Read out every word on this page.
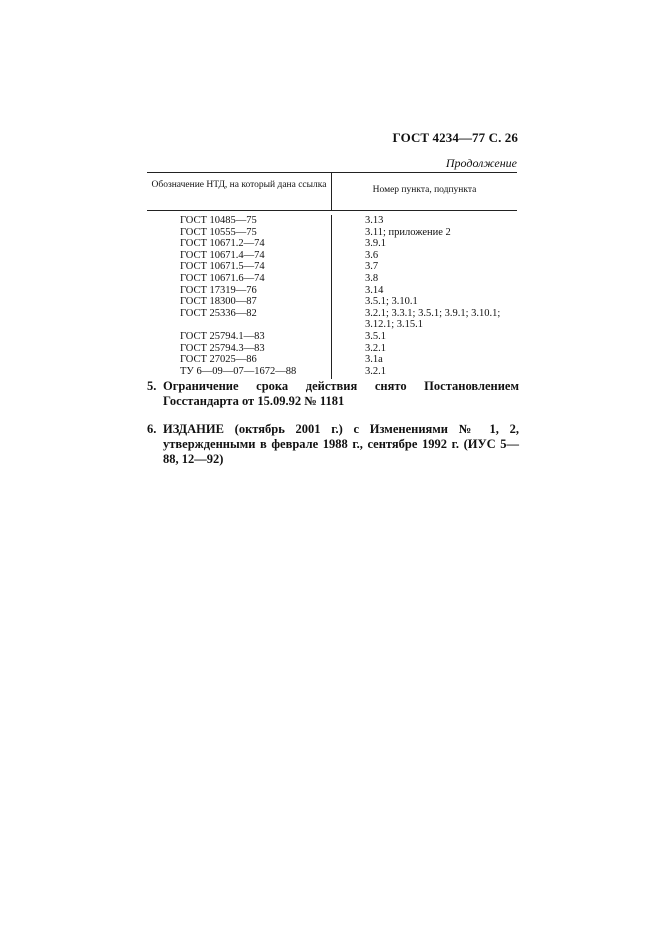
ГОСТ 4234—77 С. 26
Продолжение
Обозначение НТД, на который дана ссылка	Номер пункта, подпункта
ГОСТ 10485—75
ГОСТ 10555—75
ГОСТ 10671.2—74
ГОСТ 10671.4—74
ГОСТ 10671.5—74
ГОСТ 10671.6—74
ГОСТ 17319—76
ГОСТ 18300—87
ГОСТ 25336—82
ГОСТ 25794.1—83
ГОСТ 25794.3—83
ГОСТ 27025—86
ТУ 6—09—07—1672—88
3.13
3.11; приложение 2
3.9.1
3.6
3.7
3.8
3.14
3.5.1; 3.10.1
3.2.1; 3.3.1; 3.5.1; 3.9.1; 3.10.1; 3.12.1; 3.15.1
3.5.1
3.2.1
3.1а
3.2.1
5. Ограничение срока действия снято Постановлением Госстандарта от 15.09.92 № 1181
6. ИЗДАНИЕ (октябрь 2001 г.) с Изменениями № 1, 2, утвержденными в феврале 1988 г., сентябре 1992 г. (ИУС 5—88, 12—92)
